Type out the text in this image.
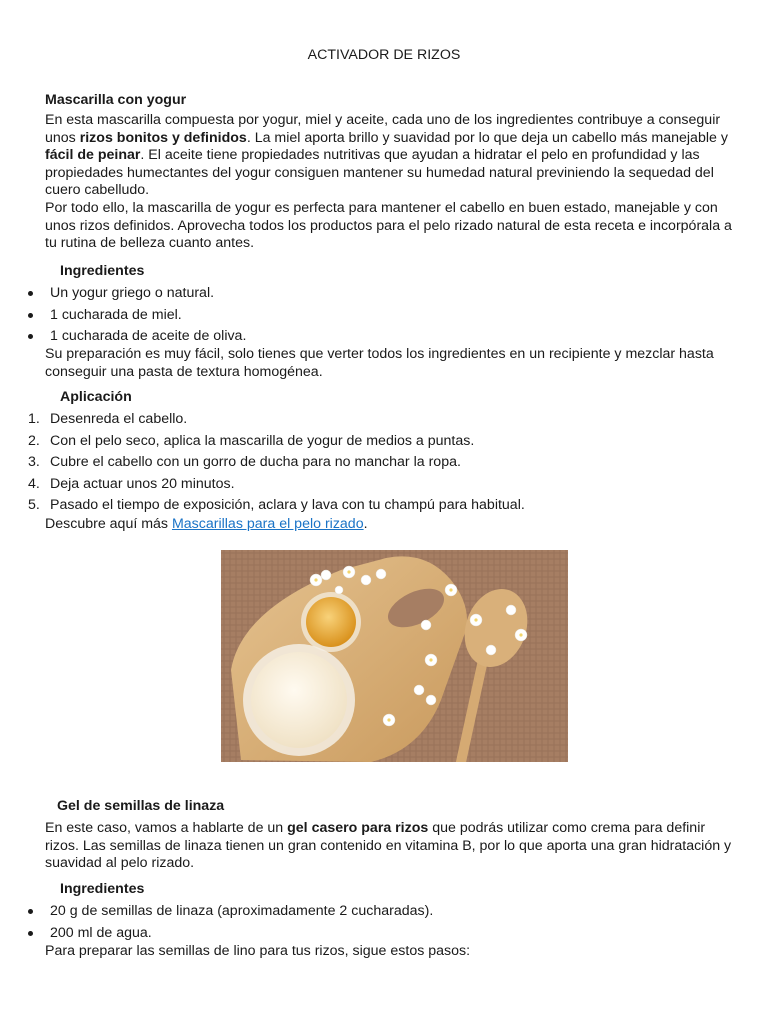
ACTIVADOR DE RIZOS
Mascarilla con yogur
En esta mascarilla compuesta por yogur, miel y aceite, cada uno de los ingredientes contribuye a conseguir unos rizos bonitos y definidos. La miel aporta brillo y suavidad por lo que deja un cabello más manejable y fácil de peinar. El aceite tiene propiedades nutritivas que ayudan a hidratar el pelo en profundidad y las propiedades humectantes del yogur consiguen mantener su humedad natural previniendo la sequedad del cuero cabelludo.
Por todo ello, la mascarilla de yogur es perfecta para mantener el cabello en buen estado, manejable y con unos rizos definidos. Aprovecha todos los productos para el pelo rizado natural de esta receta e incorpórala a tu rutina de belleza cuanto antes.
Ingredientes
Un yogur griego o natural.
1 cucharada de miel.
1 cucharada de aceite de oliva.
Su preparación es muy fácil, solo tienes que verter todos los ingredientes en un recipiente y mezclar hasta conseguir una pasta de textura homogénea.
Aplicación
1. Desenreda el cabello.
2. Con el pelo seco, aplica la mascarilla de yogur de medios a puntas.
3. Cubre el cabello con un gorro de ducha para no manchar la ropa.
4. Deja actuar unos 20 minutos.
5. Pasado el tiempo de exposición, aclara y lava con tu champú para habitual.
Descubre aquí más Mascarillas para el pelo rizado.
Gel de semillas de linaza
En este caso, vamos a hablarte de un gel casero para rizos que podrás utilizar como crema para definir rizos. Las semillas de linaza tienen un gran contenido en vitamina B, por lo que aporta una gran hidratación y suavidad al pelo rizado.
Ingredientes
20 g de semillas de linaza (aproximadamente 2 cucharadas).
200 ml de agua.
Para preparar las semillas de lino para tus rizos, sigue estos pasos:
